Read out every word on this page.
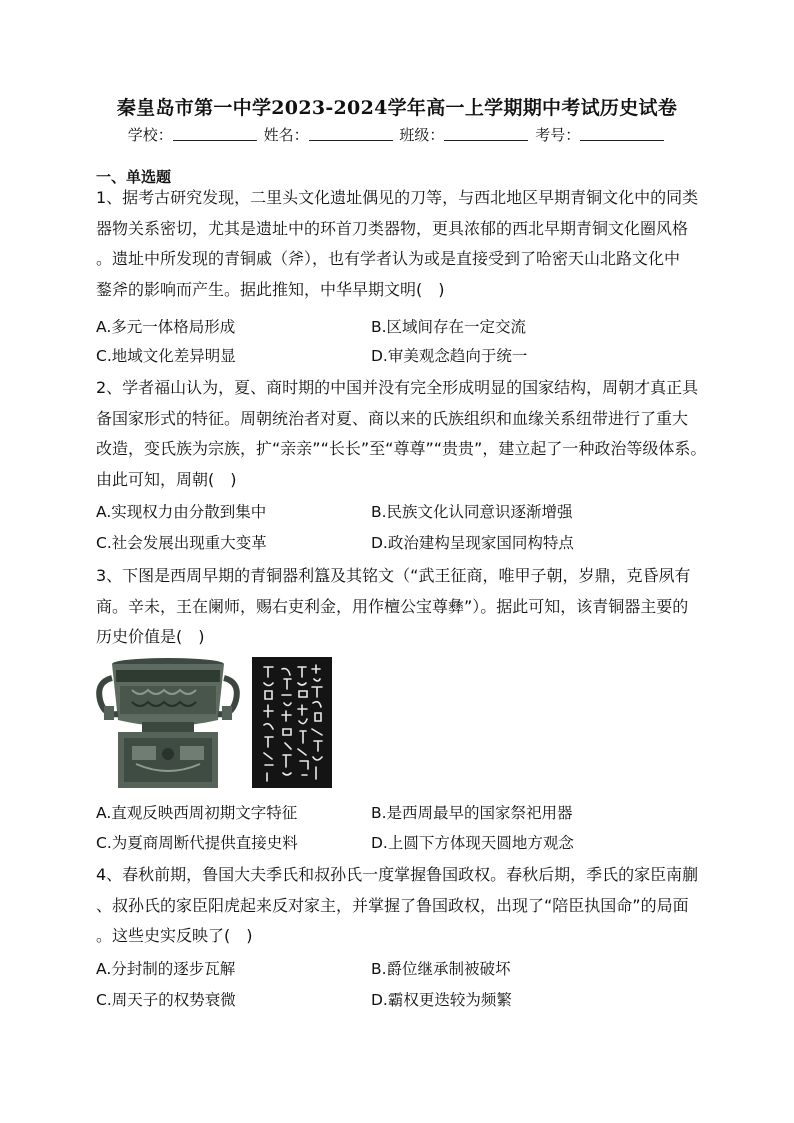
秦皇岛市第一中学2023-2024学年高一上学期期中考试历史试卷
学校：	姓名：	班级：	考号：
一、单选题
1、据考古研究发现，二里头文化遗址偶见的刀等，与西北地区早期青铜文化中的同类
器物关系密切，尤其是遗址中的环首刀类器物，更具浓郁的西北早期青铜文化圈风格
。遗址中所发现的青铜戚（斧），也有学者认为或是直接受到了哈密天山北路文化中
鍪斧的影响而产生。据此推知，中华早期文明(　)
A.多元一体格局形成	B.区域间存在一定交流
C.地域文化差异明显	D.审美观念趋向于统一
2、学者福山认为，夏、商时期的中国并没有完全形成明显的国家结构，周朝才真正具
备国家形式的特征。周朝统治者对夏、商以来的氏族组织和血缘关系纽带进行了重大
改造，变氏族为宗族，扩“亲亲”“长长”至“尊尊”“贵贵”，建立起了一种政治等级体系。
由此可知，周朝(　)
A.实现权力由分散到集中	B.民族文化认同意识逐渐增强
C.社会发展出现重大变革	D.政治建构呈现家国同构特点
3、下图是西周早期的青铜器利簋及其铭文（“武王征商，唯甲子朝，岁鼎，克昏夙有
商。辛未，王在阑师，赐右吏利金，用作檀公宝尊彝”）。据此可知，该青铜器主要的
历史价值是(　)
A.直观反映西周初期文字特征	B.是西周最早的国家祭祀用器
C.为夏商周断代提供直接史料	D.上圆下方体现天圆地方观念
4、春秋前期，鲁国大夫季氏和叔孙氏一度掌握鲁国政权。春秋后期，季氏的家臣南蒯
、叔孙氏的家臣阳虎起来反对家主，并掌握了鲁国政权，出现了“陪臣执国命”的局面
。这些史实反映了(　)
A.分封制的逐步瓦解	B.爵位继承制被破坏
C.周天子的权势衰微	D.霸权更迭较为频繁
